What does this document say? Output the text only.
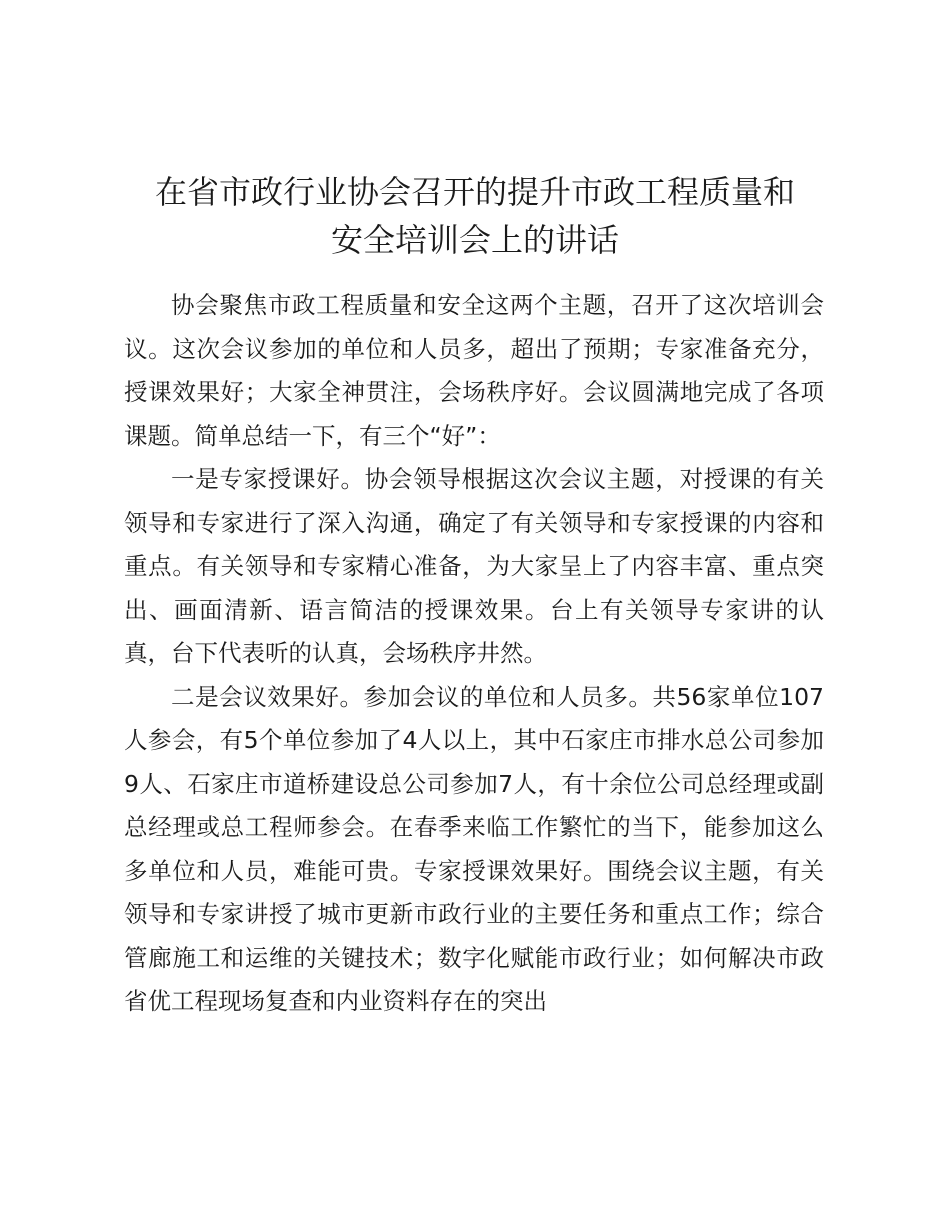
在省市政行业协会召开的提升市政工程质量和
安全培训会上的讲话

协会聚焦市政工程质量和安全这两个主题，召开了这次培训会议。这次会议参加的单位和人员多，超出了预期；专家准备充分，授课效果好；大家全神贯注，会场秩序好。会议圆满地完成了各项课题。简单总结一下，有三个“好”：

一是专家授课好。协会领导根据这次会议主题，对授课的有关领导和专家进行了深入沟通，确定了有关领导和专家授课的内容和重点。有关领导和专家精心准备，为大家呈上了内容丰富、重点突出、画面清新、语言简洁的授课效果。台上有关领导专家讲的认真，台下代表听的认真，会场秩序井然。

二是会议效果好。参加会议的单位和人员多。共56家单位107人参会，有5个单位参加了4人以上，其中石家庄市排水总公司参加9人、石家庄市道桥建设总公司参加7人，有十余位公司总经理或副总经理或总工程师参会。在春季来临工作繁忙的当下，能参加这么多单位和人员，难能可贵。专家授课效果好。围绕会议主题，有关领导和专家讲授了城市更新市政行业的主要任务和重点工作；综合管廊施工和运维的关键技术；数字化赋能市政行业；如何解决市政省优工程现场复查和内业资料存在的突出
